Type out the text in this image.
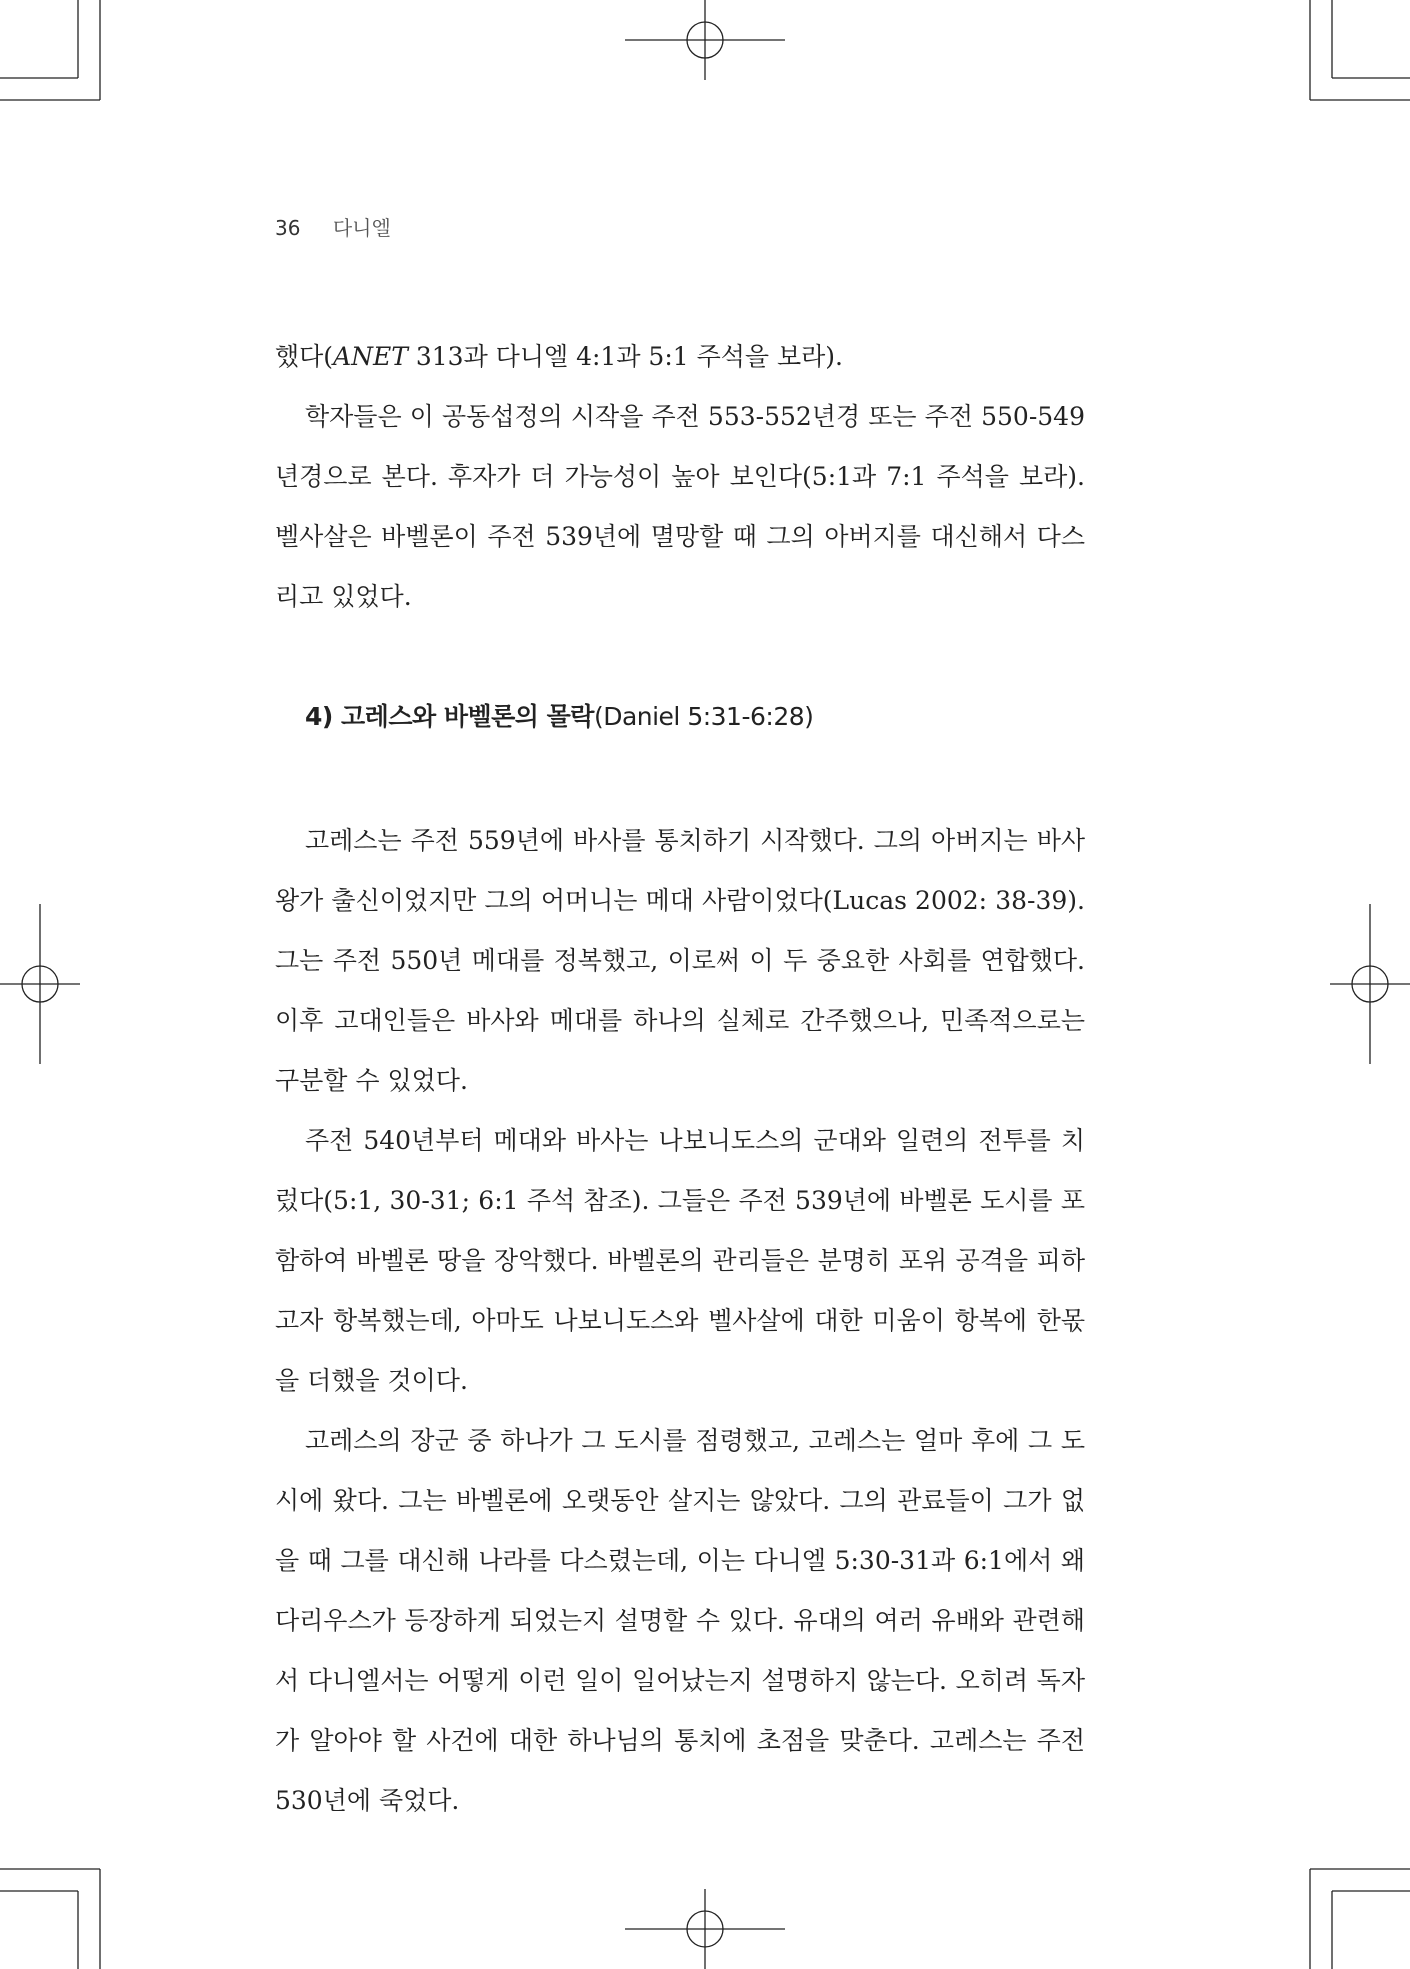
36 다니엘

했다(ANET 313과 다니엘 4:1과 5:1 주석을 보라).

학자들은 이 공동섭정의 시작을 주전 553-552년경 또는 주전 550-549년경으로 본다. 후자가 더 가능성이 높아 보인다(5:1과 7:1 주석을 보라). 벨사살은 바벨론이 주전 539년에 멸망할 때 그의 아버지를 대신해서 다스리고 있었다.

4) 고레스와 바벨론의 몰락(Daniel 5:31-6:28)

고레스는 주전 559년에 바사를 통치하기 시작했다. 그의 아버지는 바사 왕가 출신이었지만 그의 어머니는 메대 사람이었다(Lucas 2002: 38-39). 그는 주전 550년 메대를 정복했고, 이로써 이 두 중요한 사회를 연합했다. 이후 고대인들은 바사와 메대를 하나의 실체로 간주했으나, 민족적으로는 구분할 수 있었다.

주전 540년부터 메대와 바사는 나보니도스의 군대와 일련의 전투를 치렀다(5:1, 30-31; 6:1 주석 참조). 그들은 주전 539년에 바벨론 도시를 포함하여 바벨론 땅을 장악했다. 바벨론의 관리들은 분명히 포위 공격을 피하고자 항복했는데, 아마도 나보니도스와 벨사살에 대한 미움이 항복에 한몫을 더했을 것이다.

고레스의 장군 중 하나가 그 도시를 점령했고, 고레스는 얼마 후에 그 도시에 왔다. 그는 바벨론에 오랫동안 살지는 않았다. 그의 관료들이 그가 없을 때 그를 대신해 나라를 다스렸는데, 이는 다니엘 5:30-31과 6:1에서 왜 다리우스가 등장하게 되었는지 설명할 수 있다. 유대의 여러 유배와 관련해서 다니엘서는 어떻게 이런 일이 일어났는지 설명하지 않는다. 오히려 독자가 알아야 할 사건에 대한 하나님의 통치에 초점을 맞춘다. 고레스는 주전 530년에 죽었다.
